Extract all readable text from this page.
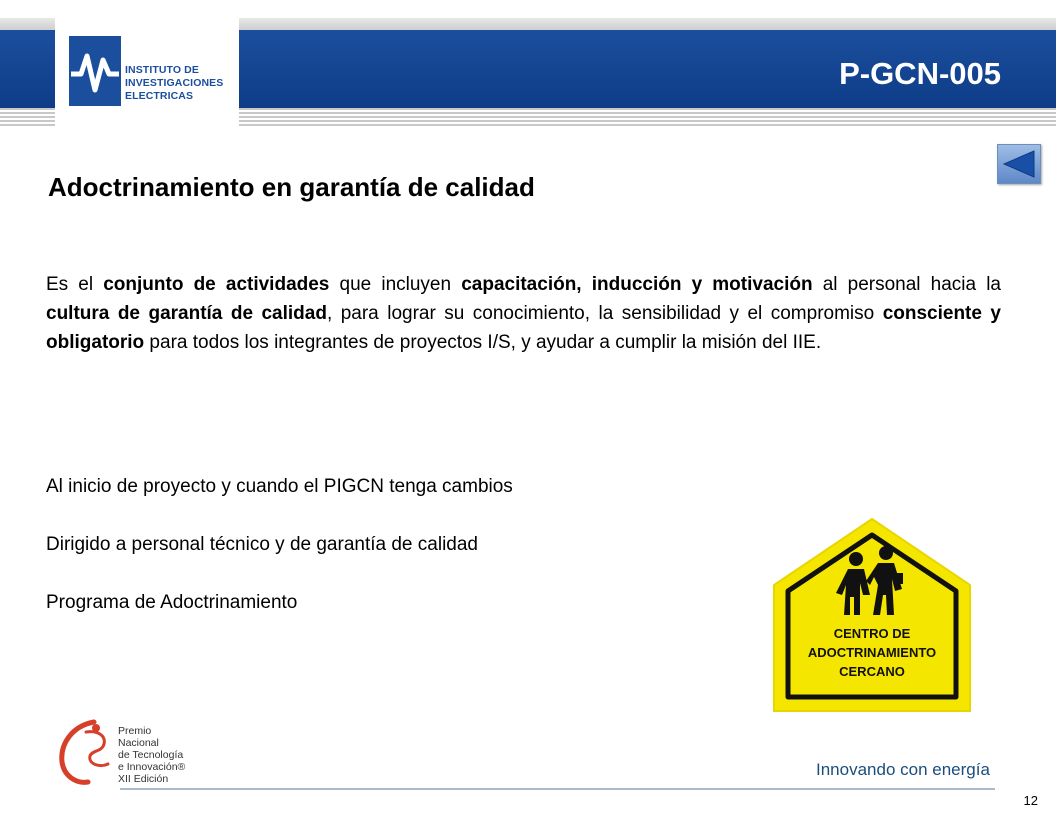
INSTITUTO DE
INVESTIGACIONES
ELECTRICAS
P-GCN-005
Adoctrinamiento en garantía de calidad

Es el conjunto de actividades que incluyen capacitación, inducción y motivación al personal hacia la cultura de garantía de calidad, para lograr su conocimiento, la sensibilidad y el compromiso consciente y obligatorio para todos los integrantes de proyectos I/S, y ayudar a cumplir la misión del IIE.

Al inicio de proyecto y cuando el PIGCN tenga cambios
Dirigido a personal técnico y de garantía de calidad
Programa de Adoctrinamiento
CENTRO DE
ADOCTRINAMIENTO
CERCANO
Premio
Nacional
de Tecnología
e Innovación®
XII Edición	Innovando con energía
12
